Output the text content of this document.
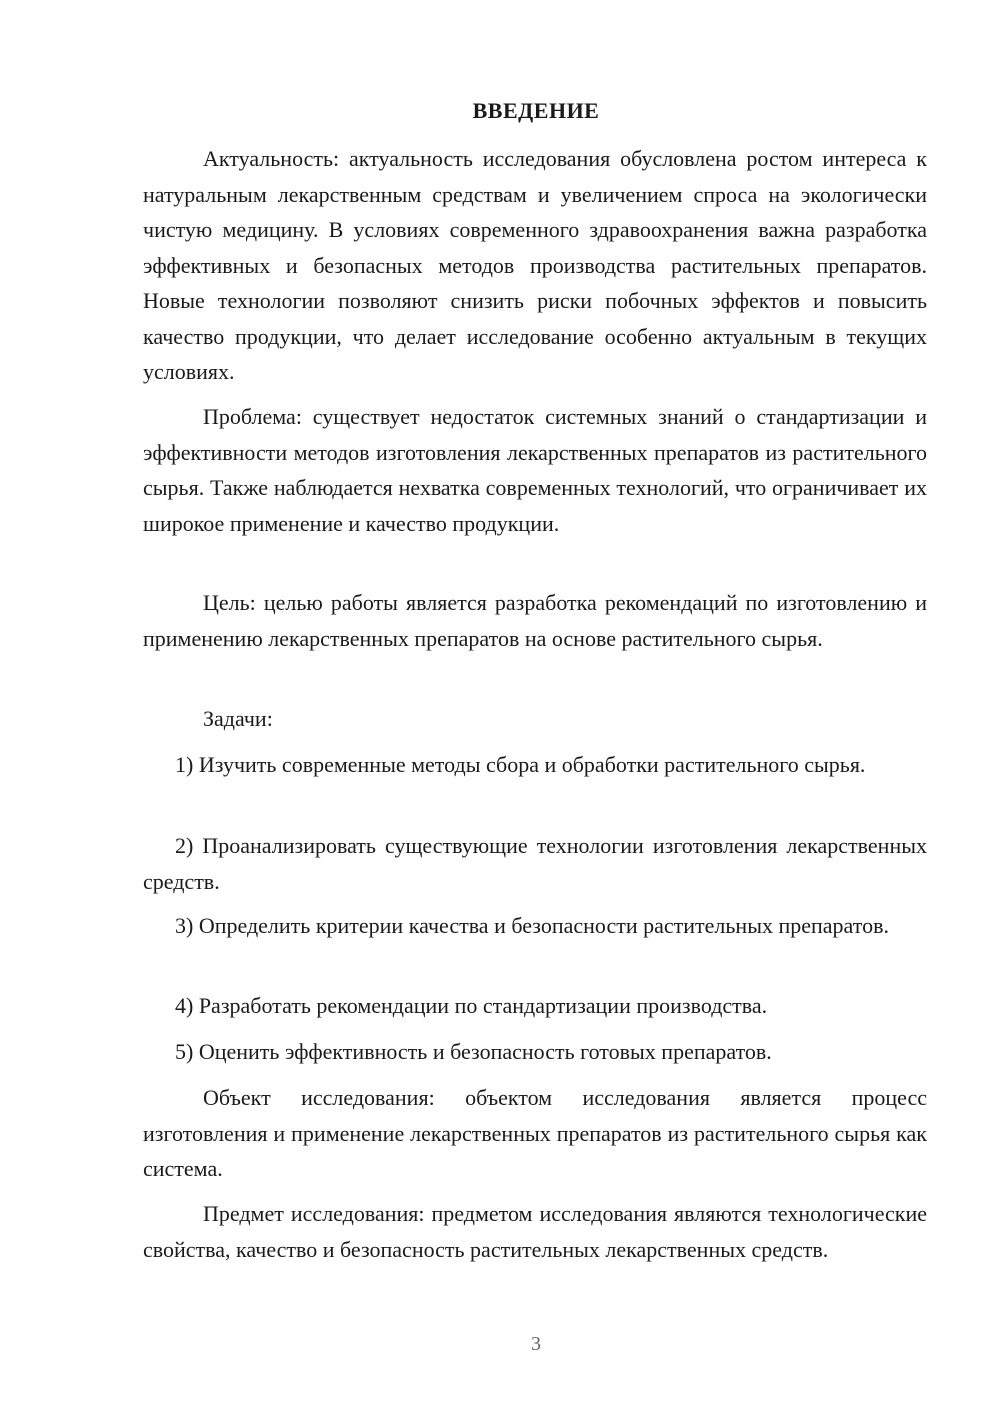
ВВЕДЕНИЕ

Актуальность: актуальность исследования обусловлена ростом интереса к натуральным лекарственным средствам и увеличением спроса на экологически чистую медицину. В условиях современного здравоохранения важна разработка эффективных и безопасных методов производства растительных препаратов. Новые технологии позволяют снизить риски побочных эффектов и повысить качество продукции, что делает исследование особенно актуальным в текущих условиях.

Проблема: существует недостаток системных знаний о стандартизации и эффективности методов изготовления лекарственных препаратов из растительного сырья. Также наблюдается нехватка современных технологий, что ограничивает их широкое применение и качество продукции.

Цель: целью работы является разработка рекомендаций по изготовлению и применению лекарственных препаратов на основе растительного сырья.

Задачи:

1) Изучить современные методы сбора и обработки растительного сырья.

2) Проанализировать существующие технологии изготовления лекарственных средств.

3) Определить критерии качества и безопасности растительных препаратов.

4) Разработать рекомендации по стандартизации производства.

5) Оценить эффективность и безопасность готовых препаратов.

Объект исследования: объектом исследования является процесс изготовления и применение лекарственных препаратов из растительного сырья как система.

Предмет исследования: предметом исследования являются технологические свойства, качество и безопасность растительных лекарственных средств.

3
